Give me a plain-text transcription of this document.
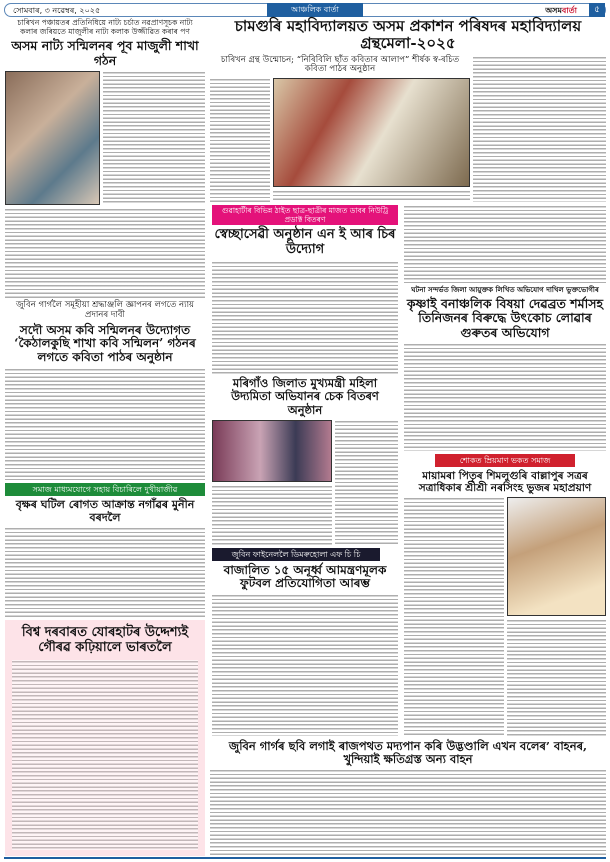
সোমবাৰ, ৩ নৱেম্বৰ, ২০২৫	আঞ্চলিক বাৰ্তা	অসমবাৰ্তা	৫
চাৰিখন পঞ্চায়তৰ প্ৰতিনিধিয়ে নাট্য চৰ্চাত নৱপ্ৰাণসূচক নাট্য কলাৰ জৰিয়তে মাজুলীৰ নাট্য কলাক উজ্জীৱিত কৰাৰ পণ
অসম নাট্য সন্মিলনৰ পূব মাজুলী শাখা গঠন
জুবিন গাৰ্গলৈ সমূহীয়া শ্ৰদ্ধাঞ্জলি জ্ঞাপনৰ লগতে ন্যায় প্ৰদানৰ দাবী
সদৌ অসম কবি সন্মিলনৰ উদ্যোগত ‘কৈঠালকুছি শাখা কবি সন্মিলন’ গঠনৰ লগতে কবিতা পাঠৰ অনুষ্ঠান
সমাজ মাধ্যমযোগে সহায় বিচাৰিলে দুখীয়াজীৱ
বৃক্ষৰ ঘটিল ৰোগত আক্ৰান্ত নগাঁৱৰ মুনীন বৰদলৈ
বিশ্ব দৰবাৰত যোৰহাটৰ উদ্দেশ্যই গৌৰৱ কঢ়িয়ালে ভাৰতলৈ
চামগুৰি মহাবিদ্যালয়ত অসম প্ৰকাশন পৰিষদৰ মহাবিদ্যালয় গ্ৰন্থমেলা-২০২৫
চাৰিখন গ্ৰন্থ উন্মোচন; “নিৰিবিলি ছাঁত কবিতাৰ আলাপ” শীৰ্ষক স্ব-ৰচিত কবিতা পাঠৰ অনুষ্ঠান
গুৱাহাটীৰ বিভিন্ন ঠাইত ছাত্ৰ-ছাত্ৰীৰ মাজত ডাবৰ নিউট্ৰি প্ৰডাক্ট বিতৰণ
স্বেচ্ছাসেৱী অনুষ্ঠান এন ই আৰ চিৰ উদ্যোগ
মৰিগাঁও জিলাত মুখ্যমন্ত্ৰী মহিলা উদ্যমিতা অভিযানৰ চেক বিতৰণ অনুষ্ঠান
জুবিন ফাইনেললৈ ডিমৰুহোলা এফ চি চি
বাজালিত ১৫ অনূৰ্ধ্ব আমন্ত্ৰণমূলক ফুটবল প্ৰতিযোগিতা আৰম্ভ
ঘটনা সন্দৰ্ভত জিলা আয়ুক্তক লিখিত অভিযোগ দাখিল ভুক্তভোগীৰ
কৃষ্ণাই বনাঞ্চলিক বিষয়া দেৱব্ৰত শৰ্মাসহ তিনিজনৰ বিৰুদ্ধে উৎকোচ লোৱাৰ গুৰুতৰ অভিযোগ
শোকত ম্ৰিয়মাণ ভকত সমাজ
মায়ামৰা পিতৃৰ শিমলুগুৰি বাল্লাপুৰ সত্ৰৰ সত্ৰাধিকাৰ শ্ৰীশ্ৰী নৰসিংহ ভুজৰ মহাপ্ৰয়াণ
জুবিন গাৰ্গৰ ছবি লগাই ৰাজপথত মদ্যপান কৰি উদ্ভণ্ডালি এখন বলেৰ’ বাহনৰ, খুন্দিয়াই ক্ষতিগ্ৰস্ত অন্য বাহন
